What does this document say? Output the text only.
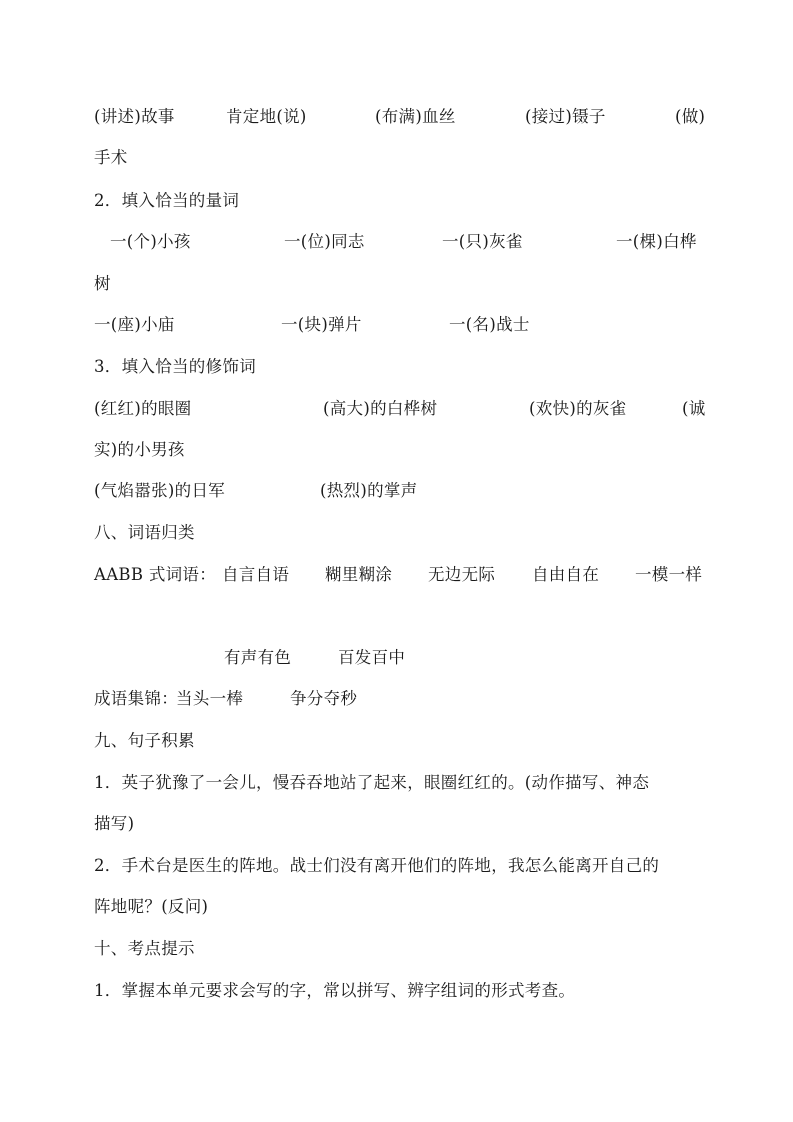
(讲述)故事	肯定地(说)	(布满)血丝	(接过)镊子	(做)
手术
2．填入恰当的量词
一(个)小孩	一(位)同志	一(只)灰雀	一(棵)白桦
树
一(座)小庙	一(块)弹片	一(名)战士
3．填入恰当的修饰词
(红红)的眼圈	(高大)的白桦树	(欢快)的灰雀	(诚
实)的小男孩
(气焰嚣张)的日军	(热烈)的掌声
八、词语归类
AABB 式词语： 自言自语 糊里糊涂 无边无际 自由自在 一模一样
有声有色	百发百中
成语集锦：
当头一棒	争分夺秒
九、句子积累
1．英子犹豫了一会儿，慢吞吞地站了起来，眼圈红红的。(动作描写、神态
描写)
2．手术台是医生的阵地。战士们没有离开他们的阵地，我怎么能离开自己的
阵地呢？(反问)
十、考点提示
1．掌握本单元要求会写的字，常以拼写、辨字组词的形式考查。
